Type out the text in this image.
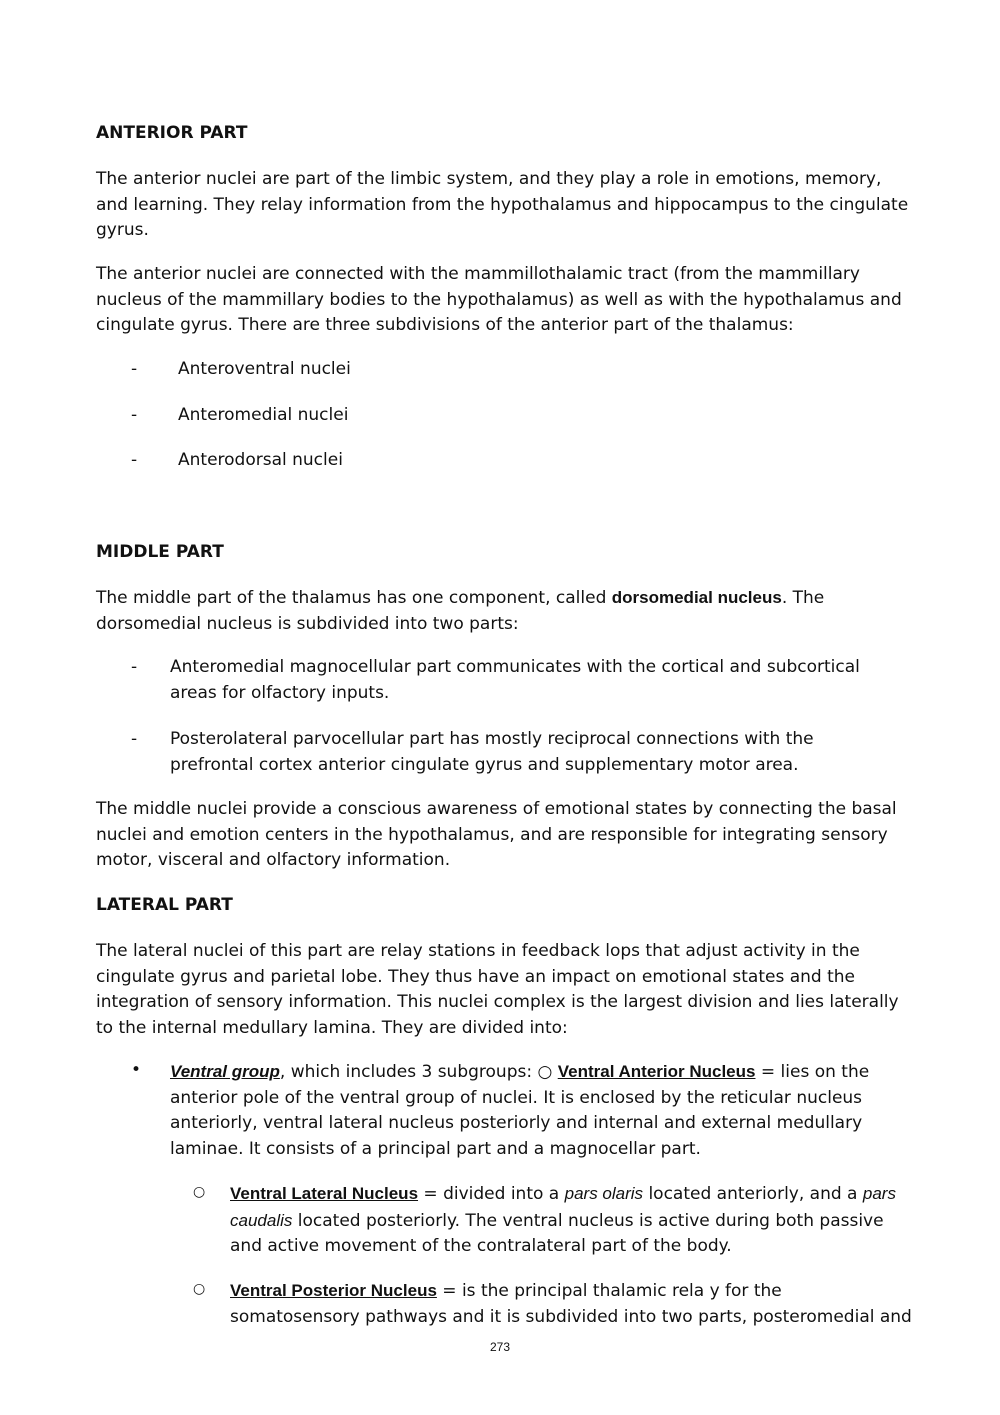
ANTERIOR PART

The anterior nuclei are part of the limbic system, and they play a role in emotions, memory, and learning. They relay information from the hypothalamus and hippocampus to the cingulate gyrus.

The anterior nuclei are connected with the mammillothalamic tract (from the mammillary nucleus of the mammillary bodies to the hypothalamus) as well as with the hypothalamus and cingulate gyrus. There are three subdivisions of the anterior part of the thalamus:

- Anteroventral nuclei
- Anteromedial nuclei
- Anterodorsal nuclei
MIDDLE PART

The middle part of the thalamus has one component, called dorsomedial nucleus. The dorsomedial nucleus is subdivided into two parts:

- Anteromedial magnocellular part communicates with the cortical and subcortical areas for olfactory inputs.
- Posterolateral parvocellular part has mostly reciprocal connections with the prefrontal cortex anterior cingulate gyrus and supplementary motor area.

The middle nuclei provide a conscious awareness of emotional states by connecting the basal nuclei and emotion centers in the hypothalamus, and are responsible for integrating sensory motor, visceral and olfactory information.

LATERAL PART

The lateral nuclei of this part are relay stations in feedback lops that adjust activity in the cingulate gyrus and parietal lobe. They thus have an impact on emotional states and the integration of sensory information. This nuclei complex is the largest division and lies laterally to the internal medullary lamina. They are divided into:

• Ventral group, which includes 3 subgroups: ○ Ventral Anterior Nucleus = lies on the anterior pole of the ventral group of nuclei. It is enclosed by the reticular nucleus anteriorly, ventral lateral nucleus posteriorly and internal and external medullary laminae. It consists of a principal part and a magnocellar part.
○ Ventral Lateral Nucleus = divided into a pars olaris located anteriorly, and a pars caudalis located posteriorly. The ventral nucleus is active during both passive and active movement of the contralateral part of the body.
○ Ventral Posterior Nucleus = is the principal thalamic rela y for the somatosensory pathways and it is subdivided into two parts, posteromedial and
273
